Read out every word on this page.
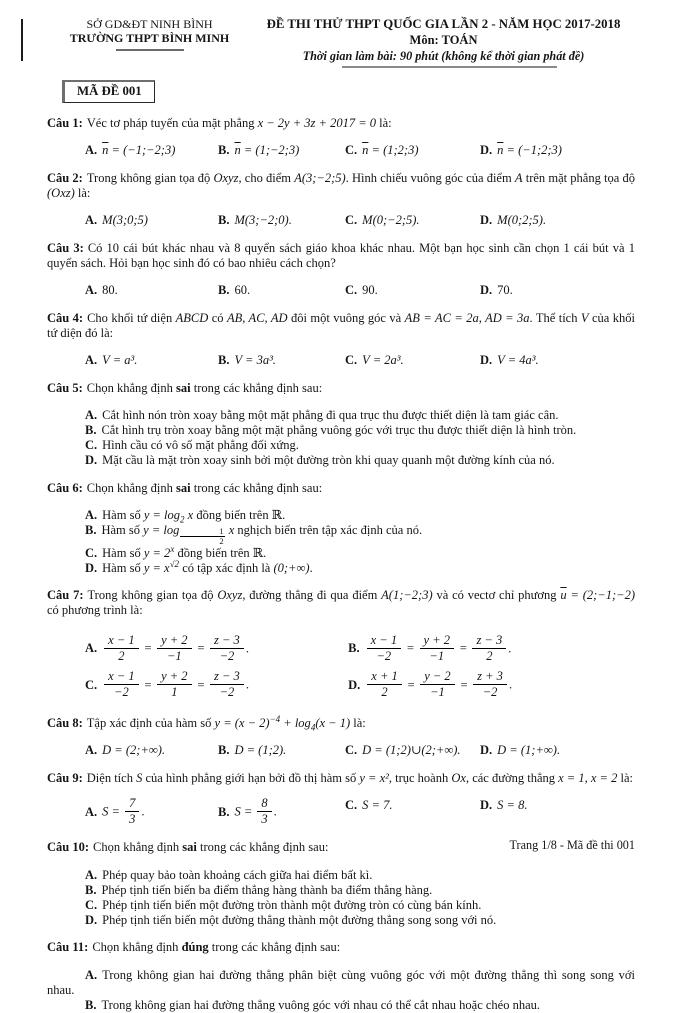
SỞ GD&ĐT NINH BÌNH
TRƯỜNG THPT BÌNH MINH
ĐỀ THI THỬ THPT QUỐC GIA LẦN 2 - NĂM HỌC 2017-2018
Môn: TOÁN
Thời gian làm bài: 90 phút (không kể thời gian phát đề)
MÃ ĐỀ 001

Câu 1: Véc tơ pháp tuyến của mặt phẳng x − 2y + 3z + 2017 = 0 là:

A. $\overline{n}$ = (−1;−2;3)	B. $\overline{n}$ = (1;−2;3)	C. $\overline{n}$ = (1;2;3)	D. $\overline{n}$ = (−1;2;3)

Câu 2: Trong không gian tọa độ Oxyz, cho điểm A(3;−2;5). Hình chiếu vuông góc của điểm A trên mặt phẳng tọa độ (Oxz) là:

A. M(3;0;5)	B. M(3;−2;0).	C. M(0;−2;5).	D. M(0;2;5).

Câu 3: Có 10 cái bút khác nhau và 8 quyển sách giáo khoa khác nhau. Một bạn học sinh cần chọn 1 cái bút và 1 quyển sách. Hỏi bạn học sinh đó có bao nhiêu cách chọn?

A. 80.	B. 60.	C. 90.	D. 70.

Câu 4: Cho khối tứ diện ABCD có AB, AC, AD đôi một vuông góc và AB = AC = 2a, AD = 3a. Thể tích V của khối tứ diện đó là:

A. V = a³.	B. V = 3a³.	C. V = 2a³.	D. V = 4a³.

Câu 5: Chọn khẳng định sai trong các khẳng định sau:

A. Cắt hình nón tròn xoay bằng một mặt phẳng đi qua trục thu được thiết diện là tam giác cân.

B. Cắt hình trụ tròn xoay bằng một mặt phẳng vuông góc với trục thu được thiết diện là hình tròn.

C. Hình cầu có vô số mặt phẳng đối xứng.

D. Mặt cầu là mặt tròn xoay sinh bởi một đường tròn khi quay quanh một đường kính của nó.

Câu 6: Chọn khẳng định sai trong các khẳng định sau:

A. Hàm số $y = \log_2 x$ đồng biến trên ℝ.

B. Hàm số $y = \log \frac{1}{2}$ x nghịch biến trên tập xác định của nó.

C. Hàm số $y = 2^x$ đồng biến trên ℝ.

D. Hàm số $y = x^{√2}$ có tập xác định là (0;+∞).

Câu 7: Trong không gian tọa độ Oxyz, đường thẳng đi qua điểm A(1;−2;3) và có vectơ chỉ phương $\overline{u}$ = (2;−1;−2) có phương trình là:

A. $\frac{x - 1}{2} = \frac{y + 2}{-1} = \frac{z - 3}{-2}$ .	B. $\frac{x - 1}{-2} = \frac{y + 2}{-1} = \frac{z - 3}{2}$ .
C. $\frac{x - 1}{-2} = \frac{y + 2}{1} = \frac{z - 3}{-2}$ .	D. $\frac{x + 1}{2} = \frac{y - 2}{-1} = \frac{z + 3}{-2}$ .

Câu 8: Tập xác định của hàm số $y = (x - 2)^{-4} + \log_4(x - 1)$ là:

A. D = (2;+∞).	B. D = (1;2).	C. D = (1;2)∪(2;+∞).	D. D = (1;+∞).

Câu 9: Diện tích S của hình phẳng giới hạn bởi đồ thị hàm số y = x², trục hoành Ox, các đường thẳng x = 1, x = 2 là:

A. $S = \frac{7}{3}$ .	B. $S = \frac{8}{3}$ .	C. S = 7.	D. S = 8.

Câu 10: Chọn khẳng định sai trong các khẳng định sau:

A. Phép quay bảo toàn khoảng cách giữa hai điểm bất kì.

B. Phép tịnh tiến biến ba điểm thẳng hàng thành ba điểm thẳng hàng.

C. Phép tịnh tiến biến một đường tròn thành một đường tròn có cùng bán kính.

D. Phép tịnh tiến biến một đường thẳng thành một đường thẳng song song với nó.

Câu 11: Chọn khẳng định đúng trong các khẳng định sau:

A. Trong không gian hai đường thẳng phân biệt cùng vuông góc với một đường thẳng thì song song với nhau.

B. Trong không gian hai đường thẳng vuông góc với nhau có thể cắt nhau hoặc chéo nhau.

Trang 1/8 - Mã đề thi 001
